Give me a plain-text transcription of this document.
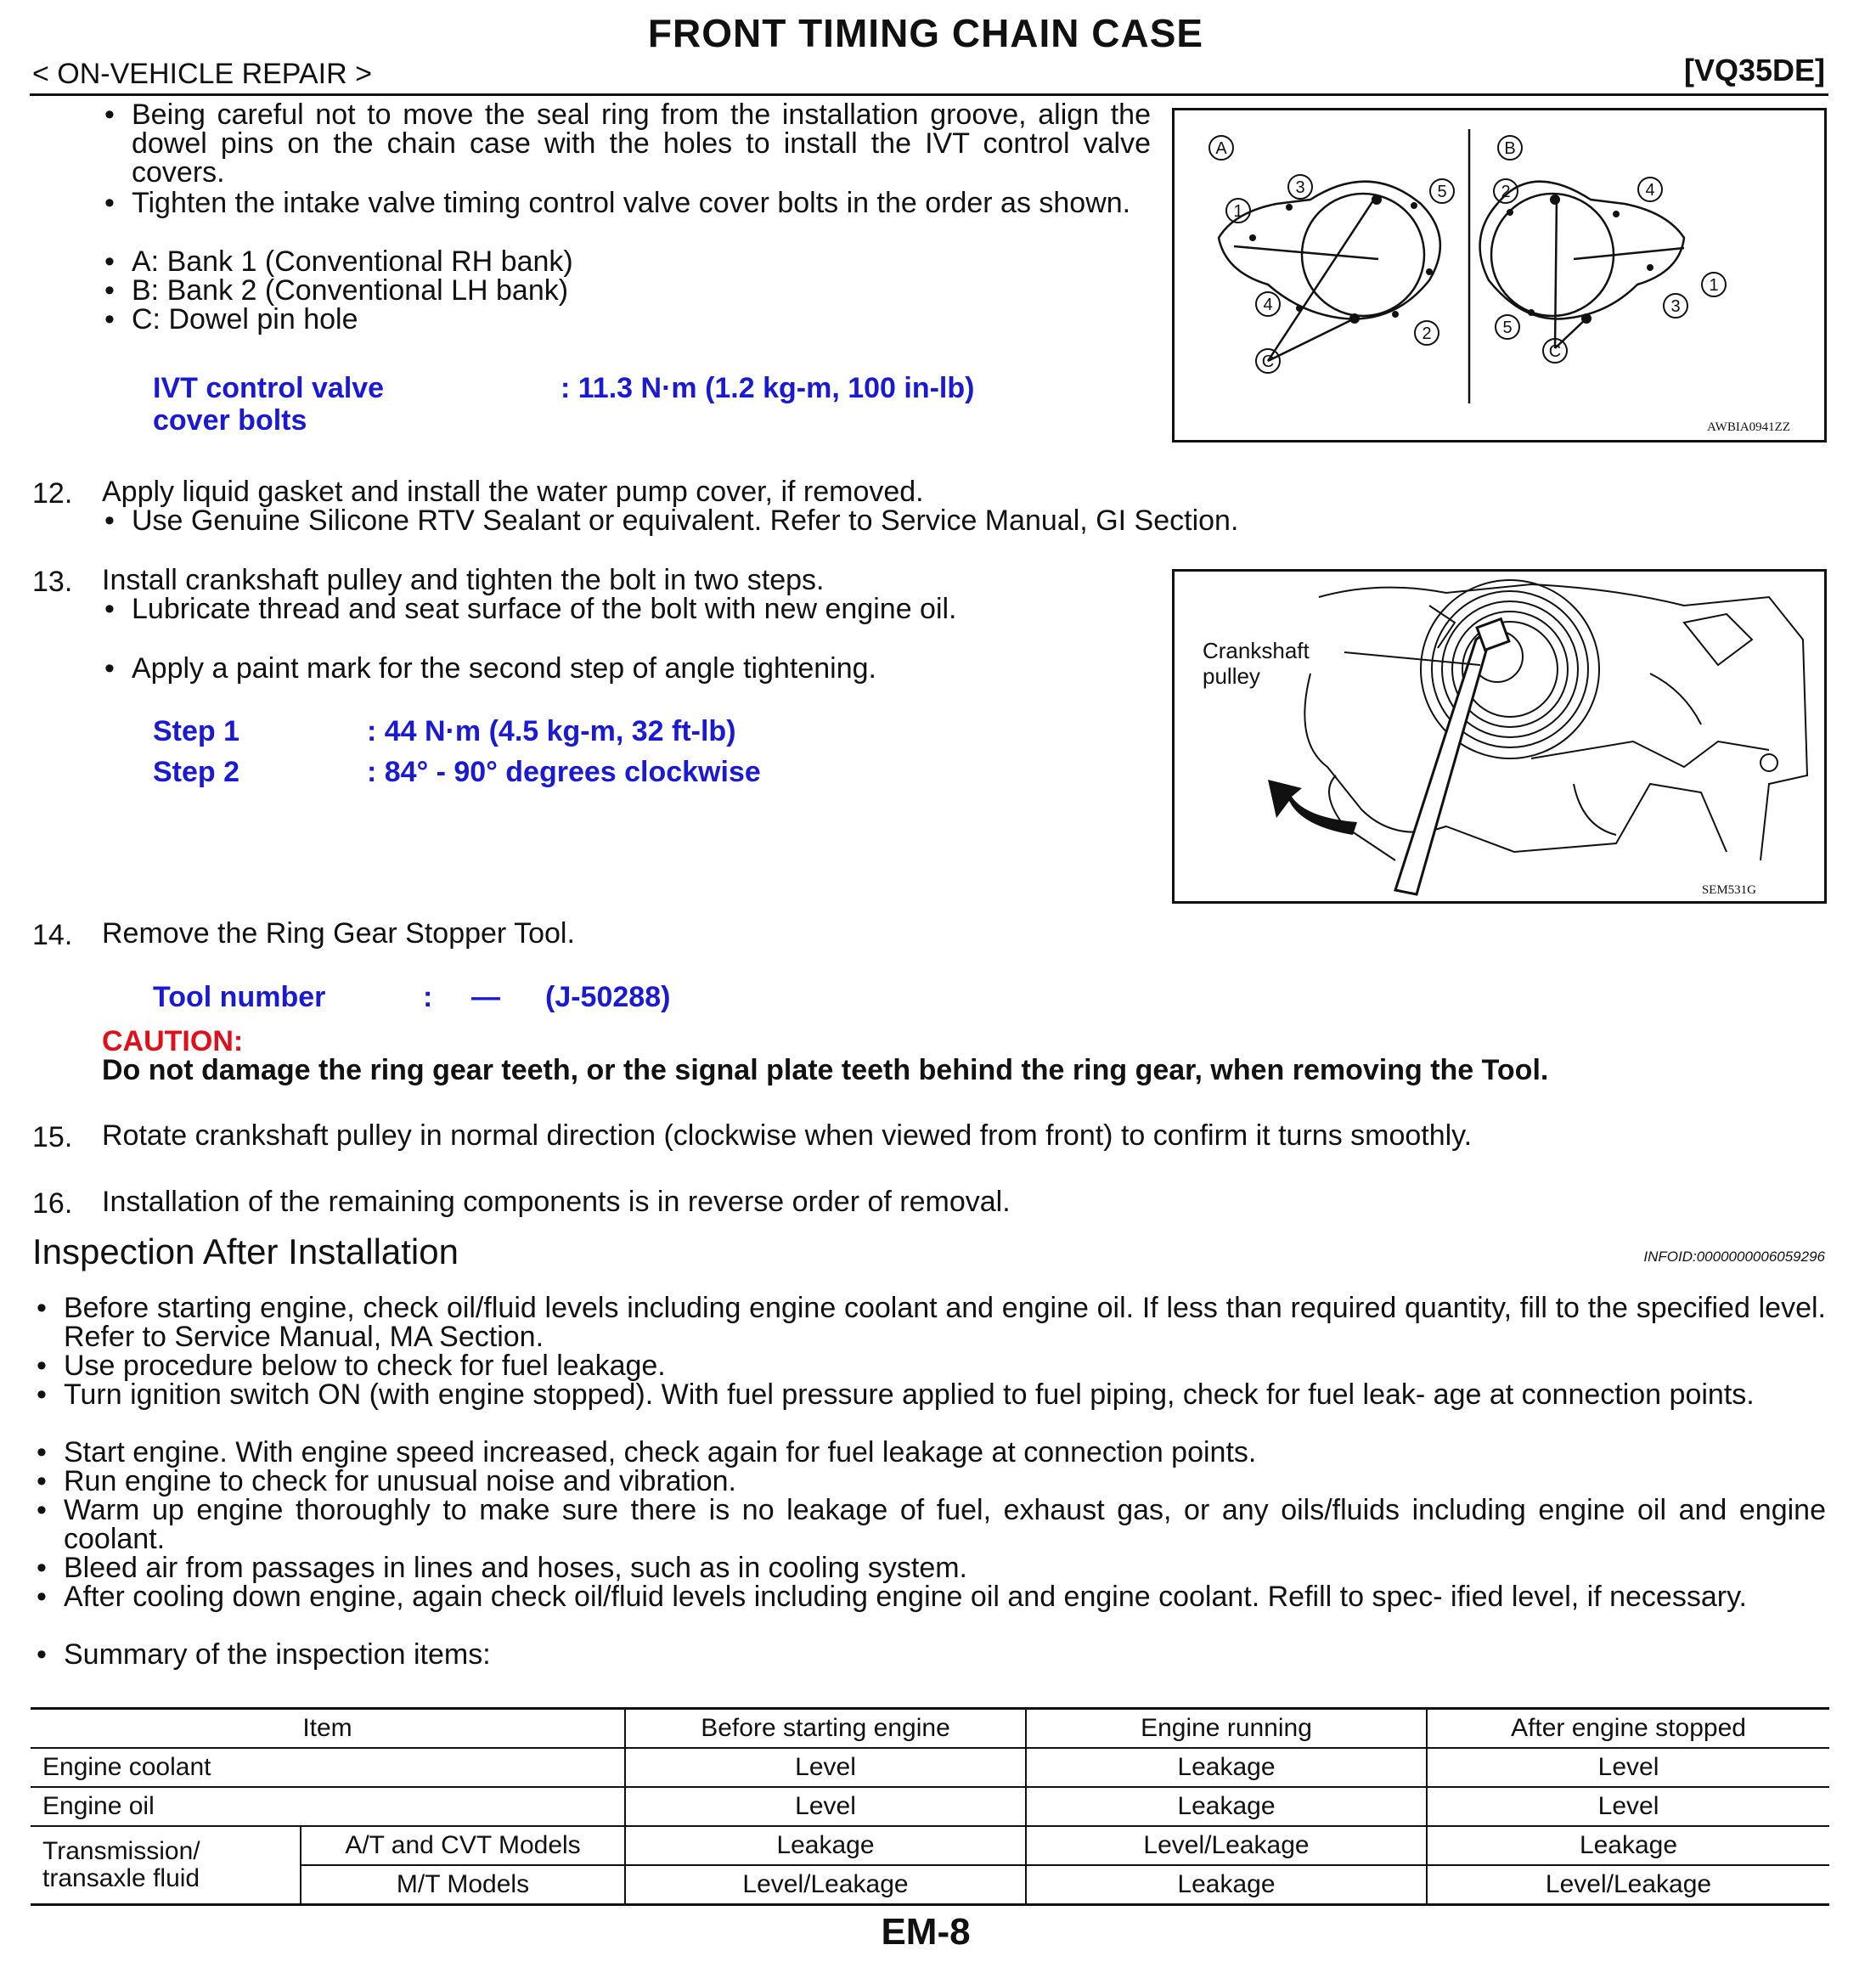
FRONT TIMING CHAIN CASE
< ON-VEHICLE REPAIR >	[VQ35DE]
• Being careful not to move the seal ring from the installation groove, align the dowel pins on the chain case with the holes to install the IVT control valve covers.
• Tighten the intake valve timing control valve cover bolts in the order as shown.
• A: Bank 1 (Conventional RH bank)
• B: Bank 2 (Conventional LH bank)
• C: Dowel pin hole
IVT control valve
cover bolts
: 11.3 N·m (1.2 kg-m, 100 in-lb)
A	B
C
C
1
2
3
4
5
1
2
3
4
5
AWBIA0941ZZ
12. Apply liquid gasket and install the water pump cover, if removed.
• Use Genuine Silicone RTV Sealant or equivalent. Refer to Service Manual, GI Section.
13. Install crankshaft pulley and tighten the bolt in two steps.
• Lubricate thread and seat surface of the bolt with new engine oil.
• Apply a paint mark for the second step of angle tightening.
Step 1	: 44 N·m (4.5 kg-m, 32 ft-lb)
Step 2	: 84° - 90° degrees clockwise
Crankshaft
pulley
SEM531G
14. Remove the Ring Gear Stopper Tool.
Tool number	: — (J-50288)
CAUTION:
Do not damage the ring gear teeth, or the signal plate teeth behind the ring gear, when removing the Tool.
15. Rotate crankshaft pulley in normal direction (clockwise when viewed from front) to confirm it turns smoothly.
16. Installation of the remaining components is in reverse order of removal.
Inspection After Installation	INFOID:0000000006059296
• Before starting engine, check oil/fluid levels including engine coolant and engine oil. If less than required quantity, fill to the specified level. Refer to Service Manual, MA Section.
• Use procedure below to check for fuel leakage.
• Turn ignition switch ON (with engine stopped). With fuel pressure applied to fuel piping, check for fuel leak- age at connection points.
• Start engine. With engine speed increased, check again for fuel leakage at connection points.
• Run engine to check for unusual noise and vibration.
• Warm up engine thoroughly to make sure there is no leakage of fuel, exhaust gas, or any oils/fluids including engine oil and engine coolant.
• Bleed air from passages in lines and hoses, such as in cooling system.
• After cooling down engine, again check oil/fluid levels including engine oil and engine coolant. Refill to spec- ified level, if necessary.
• Summary of the inspection items:
Item		Before starting engine	Engine running	After engine stopped
Engine coolant		Level	Leakage	Level
Engine oil		Level	Leakage	Level

Transmission/
transaxle fluid	A/T and CVT Models	Leakage	Level/Leakage	Leakage
	M/T Models	Level/Leakage	Leakage	Level/Leakage
EM-8
